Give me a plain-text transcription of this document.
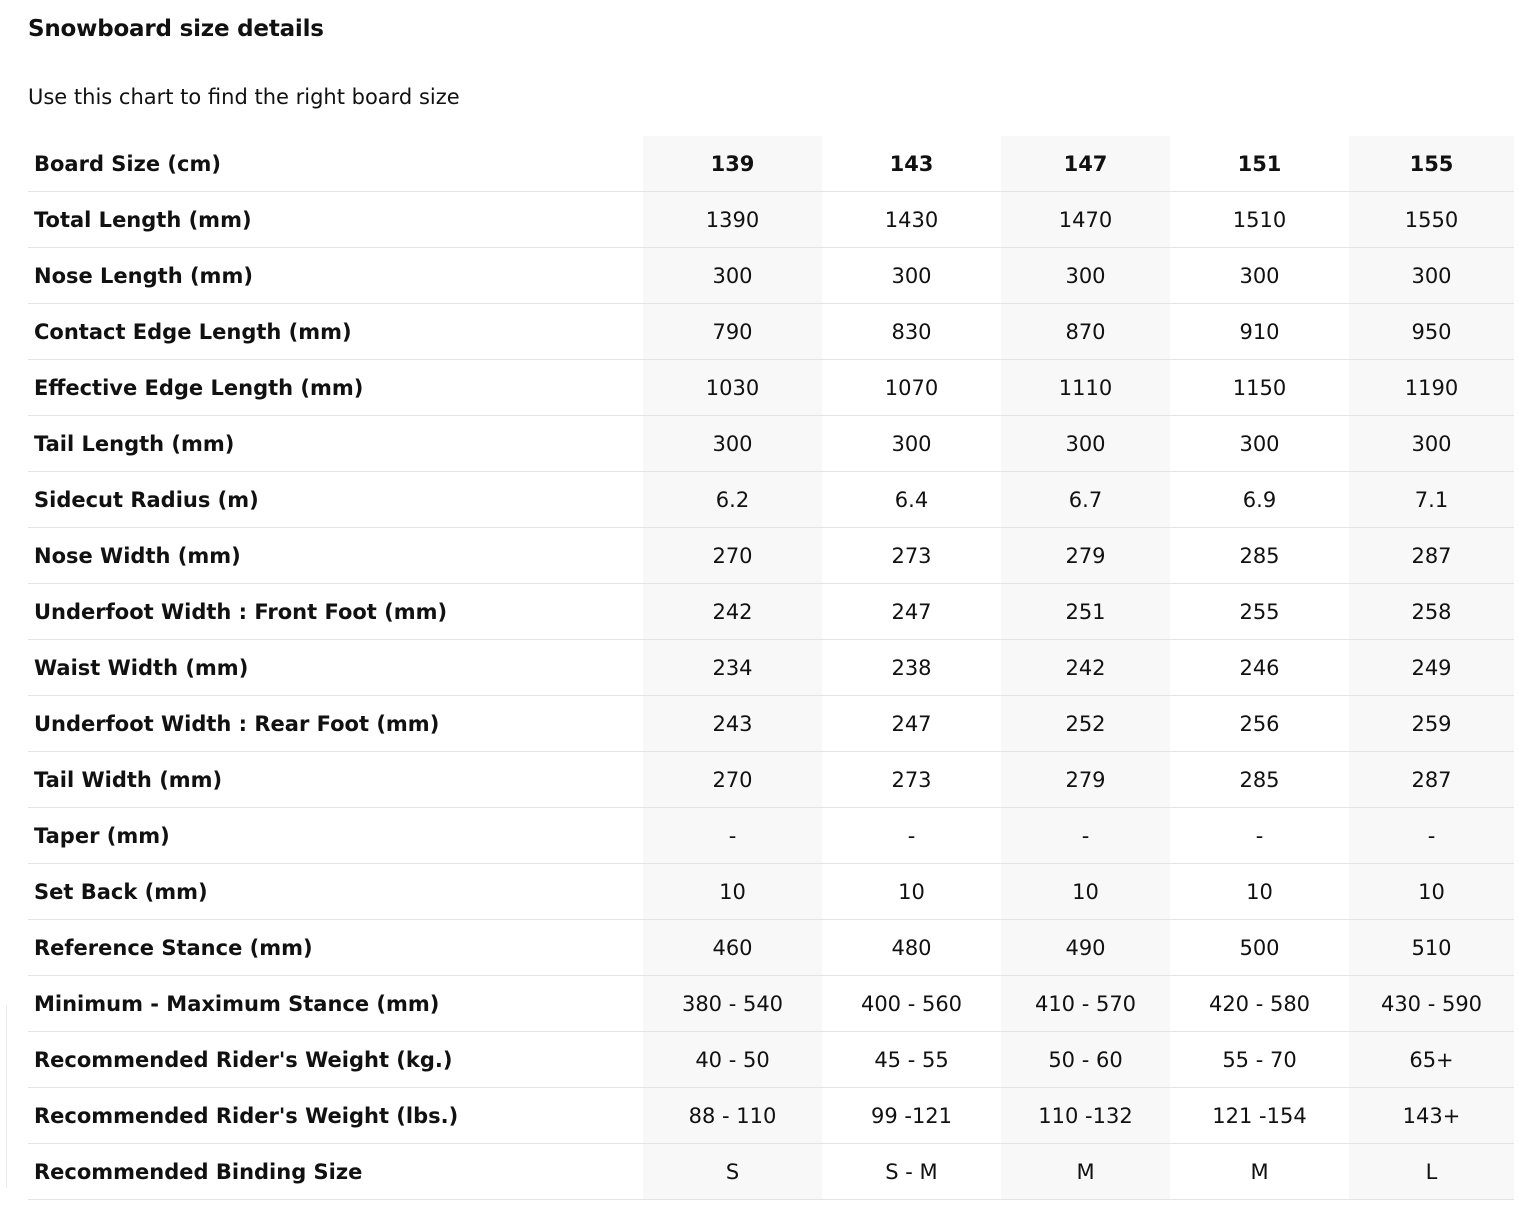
Snowboard size details

Use this chart to find the right board size

Board Size (cm)	139	143	147	151	155
Total Length (mm)	1390	1430	1470	1510	1550
Nose Length (mm)	300	300	300	300	300
Contact Edge Length (mm)	790	830	870	910	950
Effective Edge Length (mm)	1030	1070	1110	1150	1190
Tail Length (mm)	300	300	300	300	300
Sidecut Radius (m)	6.2	6.4	6.7	6.9	7.1
Nose Width (mm)	270	273	279	285	287
Underfoot Width : Front Foot (mm)	242	247	251	255	258
Waist Width (mm)	234	238	242	246	249
Underfoot Width : Rear Foot (mm)	243	247	252	256	259
Tail Width (mm)	270	273	279	285	287
Taper (mm)	-	-	-	-	-
Set Back (mm)	10	10	10	10	10
Reference Stance (mm)	460	480	490	500	510
Minimum - Maximum Stance (mm)	380 - 540	400 - 560	410 - 570	420 - 580	430 - 590
Recommended Rider's Weight (kg.)	40 - 50	45 - 55	50 - 60	55 - 70	65+
Recommended Rider's Weight (lbs.)	88 - 110	99 -121	110 -132	121 -154	143+
Recommended Binding Size	S	S - M	M	M	L
